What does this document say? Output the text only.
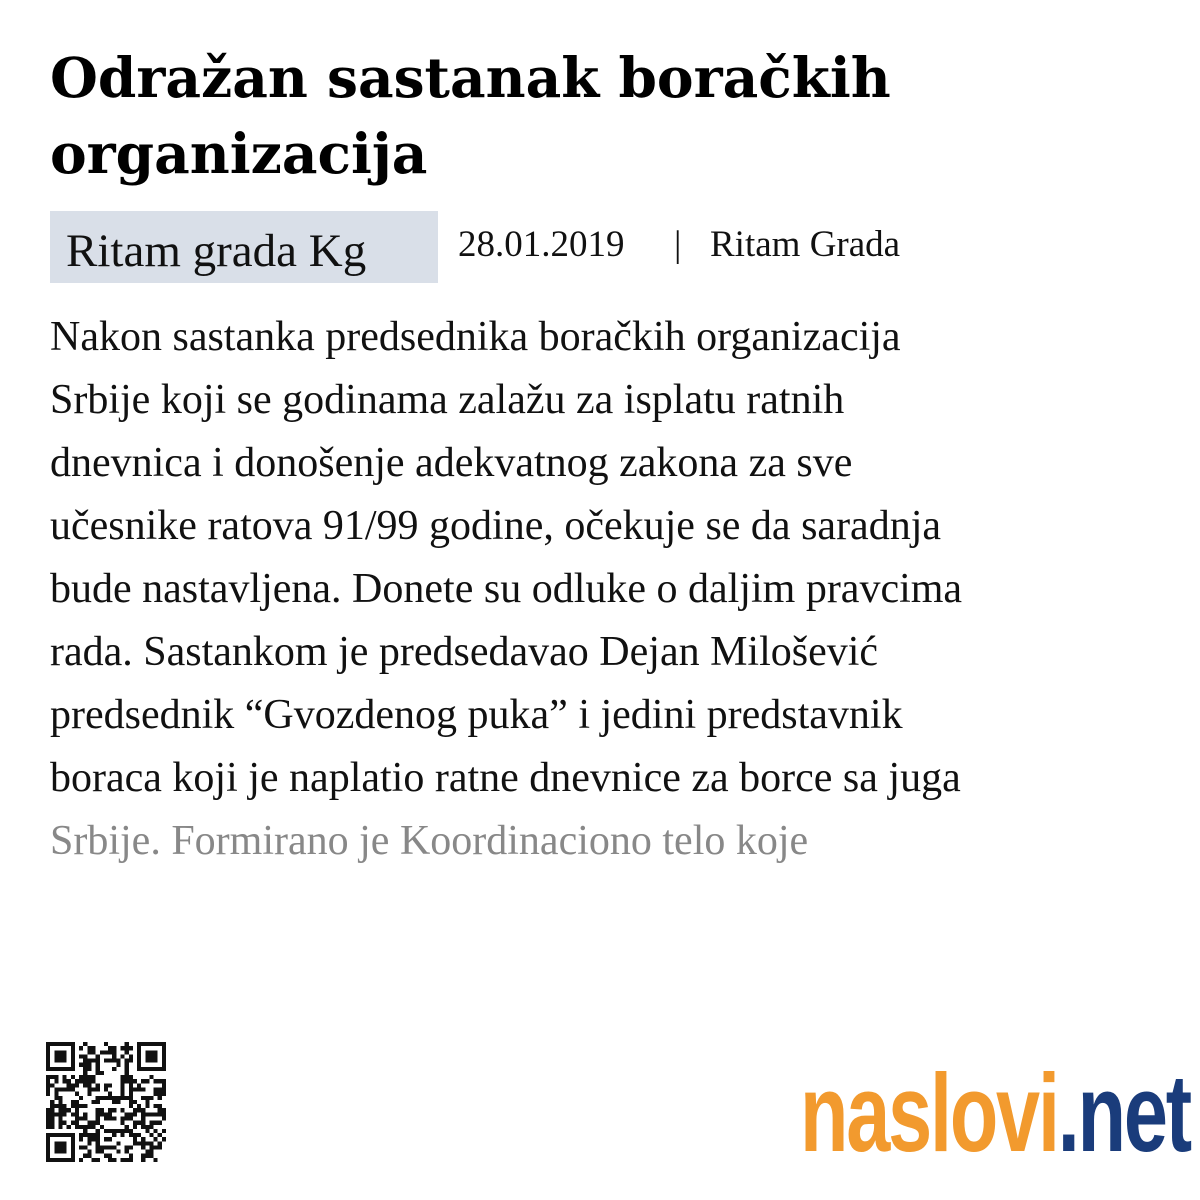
Odražan sastanak boračkih organizacija
Ritam grada Kg	28.01.2019 | Ritam Grada

Nakon sastanka predsednika boračkih organizacija
Srbije koji se godinama zalažu za isplatu ratnih
dnevnica i donošenje adekvatnog zakona za sve
učesnike ratova 91/99 godine, očekuje se da saradnja
bude nastavljena. Donete su odluke o daljim pravcima
rada. Sastankom je predsedavao Dejan Milošević
predsednik “Gvozdenog puka” i jedini predstavnik
boraca koji je naplatio ratne dnevnice za borce sa juga

Srbije. Formirano je Koordinaciono telo koje

naslovi.net
